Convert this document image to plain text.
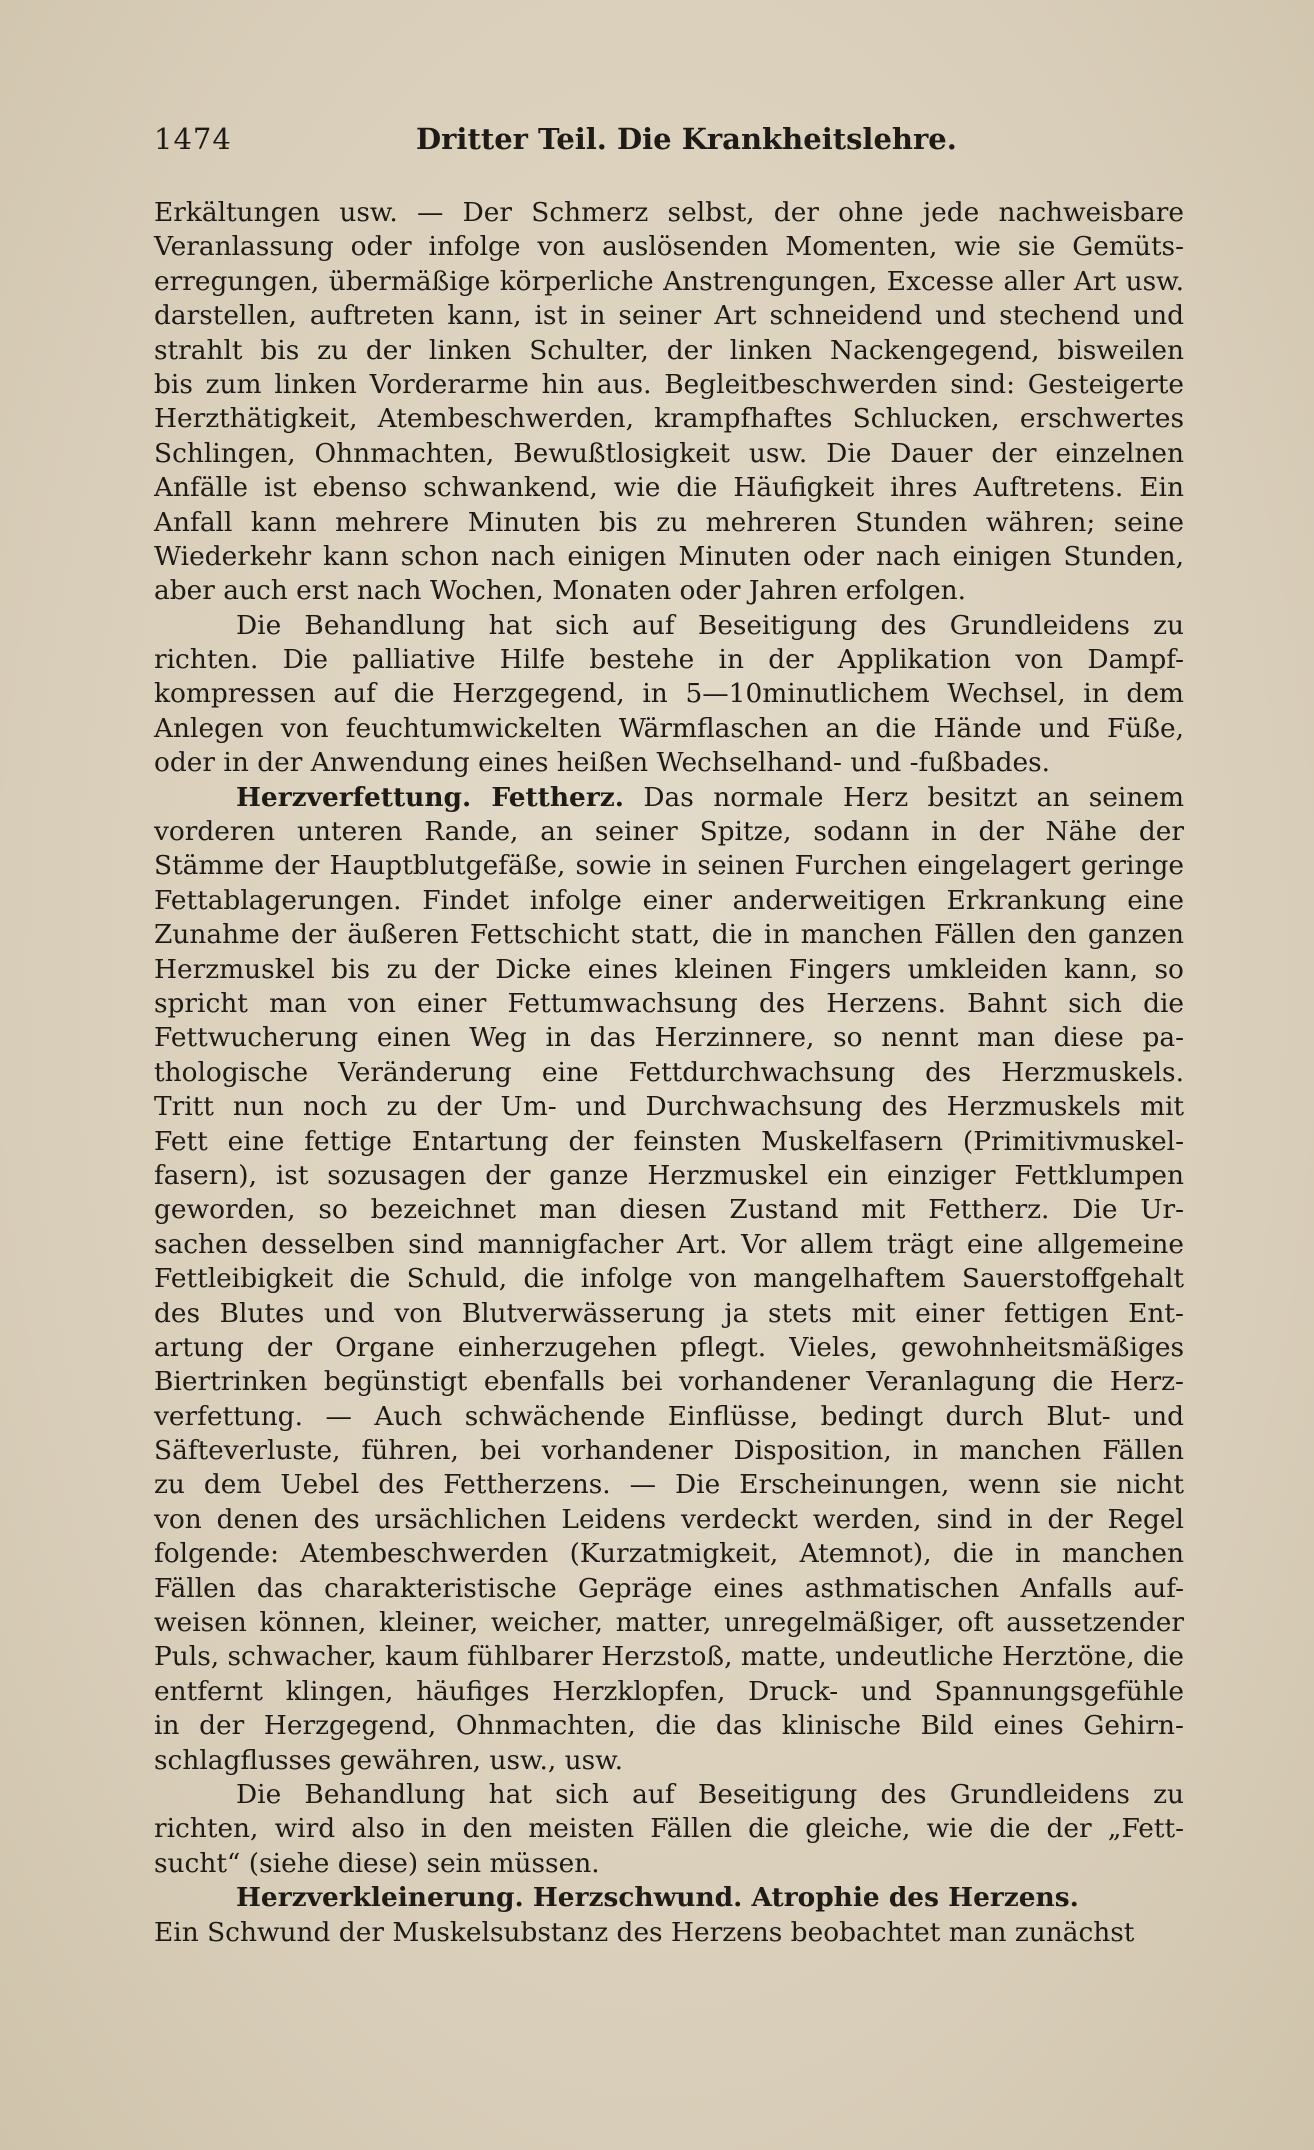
1474	Dritter Teil. Die Krankheitslehre.
Erkältungen usw. — Der Schmerz selbst, der ohne jede nachweisbare
Veranlassung oder infolge von auslösenden Momenten, wie sie Gemüts-
erregungen, übermäßige körperliche Anstrengungen, Excesse aller Art usw.
darstellen, auftreten kann, ist in seiner Art schneidend und stechend und
strahlt bis zu der linken Schulter, der linken Nackengegend, bisweilen
bis zum linken Vorderarme hin aus. Begleitbeschwerden sind: Gesteigerte
Herzthätigkeit, Atembeschwerden, krampfhaftes Schlucken, erschwertes
Schlingen, Ohnmachten, Bewußtlosigkeit usw. Die Dauer der einzelnen
Anfälle ist ebenso schwankend, wie die Häufigkeit ihres Auftretens. Ein
Anfall kann mehrere Minuten bis zu mehreren Stunden währen; seine
Wiederkehr kann schon nach einigen Minuten oder nach einigen Stunden,
aber auch erst nach Wochen, Monaten oder Jahren erfolgen.
Die Behandlung hat sich auf Beseitigung des Grundleidens zu
richten. Die palliative Hilfe bestehe in der Applikation von Dampf-
kompressen auf die Herzgegend, in 5—10minutlichem Wechsel, in dem
Anlegen von feuchtumwickelten Wärmflaschen an die Hände und Füße,
oder in der Anwendung eines heißen Wechselhand- und -fußbades.
Herzverfettung. Fettherz. Das normale Herz besitzt an seinem
vorderen unteren Rande, an seiner Spitze, sodann in der Nähe der
Stämme der Hauptblutgefäße, sowie in seinen Furchen eingelagert geringe
Fettablagerungen. Findet infolge einer anderweitigen Erkrankung eine
Zunahme der äußeren Fettschicht statt, die in manchen Fällen den ganzen
Herzmuskel bis zu der Dicke eines kleinen Fingers umkleiden kann, so
spricht man von einer Fettumwachsung des Herzens. Bahnt sich die
Fettwucherung einen Weg in das Herzinnere, so nennt man diese pa-
thologische Veränderung eine Fettdurchwachsung des Herzmuskels.
Tritt nun noch zu der Um- und Durchwachsung des Herzmuskels mit
Fett eine fettige Entartung der feinsten Muskelfasern (Primitivmuskel-
fasern), ist sozusagen der ganze Herzmuskel ein einziger Fettklumpen
geworden, so bezeichnet man diesen Zustand mit Fettherz. Die Ur-
sachen desselben sind mannigfacher Art. Vor allem trägt eine allgemeine
Fettleibigkeit die Schuld, die infolge von mangelhaftem Sauerstoffgehalt
des Blutes und von Blutverwässerung ja stets mit einer fettigen Ent-
artung der Organe einherzugehen pflegt. Vieles, gewohnheitsmäßiges
Biertrinken begünstigt ebenfalls bei vorhandener Veranlagung die Herz-
verfettung. — Auch schwächende Einflüsse, bedingt durch Blut- und
Säfteverluste, führen, bei vorhandener Disposition, in manchen Fällen
zu dem Uebel des Fettherzens. — Die Erscheinungen, wenn sie nicht
von denen des ursächlichen Leidens verdeckt werden, sind in der Regel
folgende: Atembeschwerden (Kurzatmigkeit, Atemnot), die in manchen
Fällen das charakteristische Gepräge eines asthmatischen Anfalls auf-
weisen können, kleiner, weicher, matter, unregelmäßiger, oft aussetzender
Puls, schwacher, kaum fühlbarer Herzstoß, matte, undeutliche Herztöne, die
entfernt klingen, häufiges Herzklopfen, Druck- und Spannungsgefühle
in der Herzgegend, Ohnmachten, die das klinische Bild eines Gehirn-
schlagflusses gewähren, usw., usw.
Die Behandlung hat sich auf Beseitigung des Grundleidens zu
richten, wird also in den meisten Fällen die gleiche, wie die der „Fett-
sucht“ (siehe diese) sein müssen.
Herzverkleinerung. Herzschwund. Atrophie des Herzens.
Ein Schwund der Muskelsubstanz des Herzens beobachtet man zunächst
